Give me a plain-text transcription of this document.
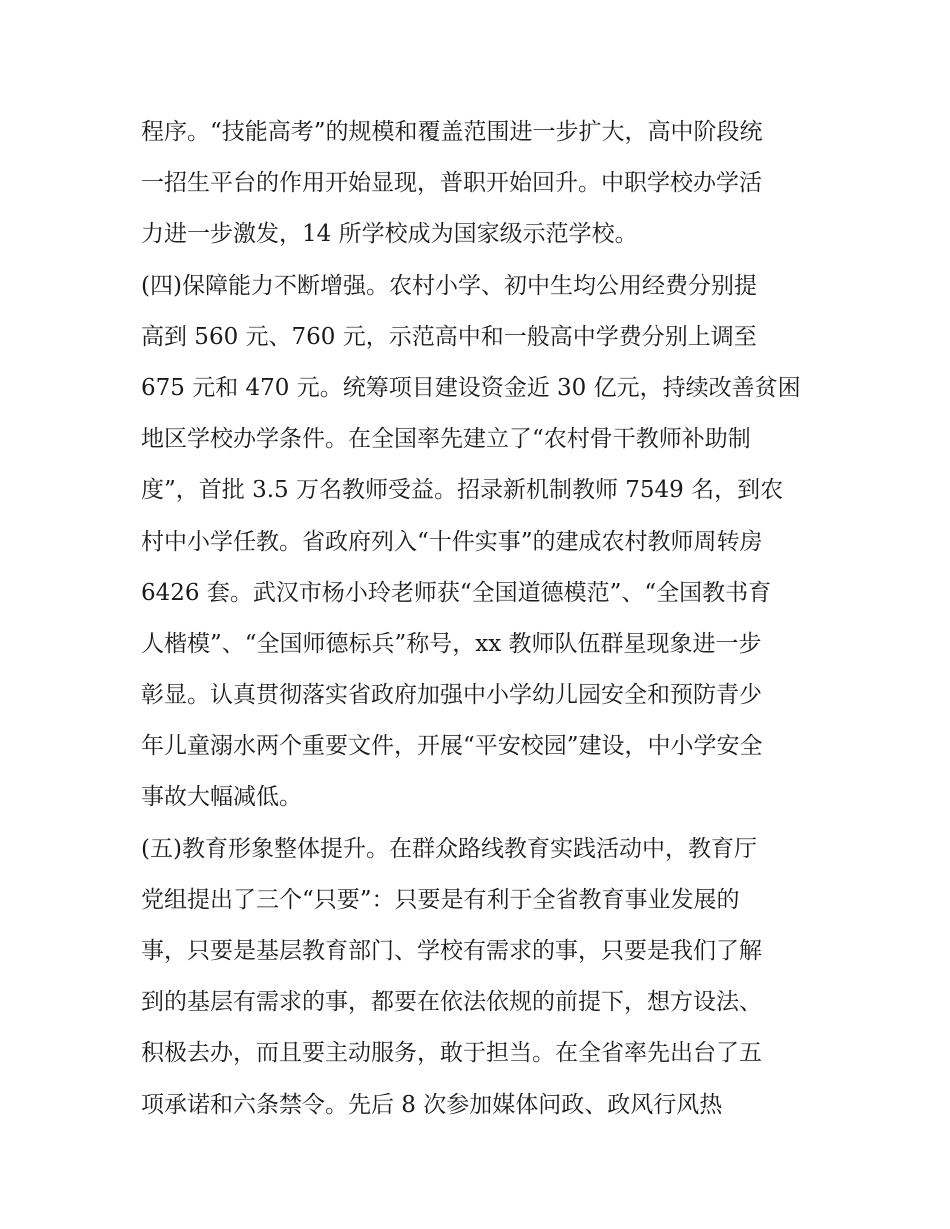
程序。“技能高考”的规模和覆盖范围进一步扩大，高中阶段统
一招生平台的作用开始显现，普职开始回升。中职学校办学活
力进一步激发，14 所学校成为国家级示范学校。
(四)保障能力不断增强。农村小学、初中生均公用经费分别提
高到 560 元、760 元，示范高中和一般高中学费分别上调至
675 元和 470 元。统筹项目建设资金近 30 亿元，持续改善贫困
地区学校办学条件。在全国率先建立了“农村骨干教师补助制
度”，首批 3.5 万名教师受益。招录新机制教师 7549 名，到农
村中小学任教。省政府列入“十件实事”的建成农村教师周转房
6426 套。武汉市杨小玲老师获“全国道德模范”、“全国教书育
人楷模”、“全国师德标兵”称号，xx 教师队伍群星现象进一步
彰显。认真贯彻落实省政府加强中小学幼儿园安全和预防青少
年儿童溺水两个重要文件，开展“平安校园”建设，中小学安全
事故大幅减低。
(五)教育形象整体提升。在群众路线教育实践活动中，教育厅
党组提出了三个“只要”：只要是有利于全省教育事业发展的
事，只要是基层教育部门、学校有需求的事，只要是我们了解
到的基层有需求的事，都要在依法依规的前提下，想方设法、
积极去办，而且要主动服务，敢于担当。在全省率先出台了五
项承诺和六条禁令。先后 8 次参加媒体问政、政风行风热
